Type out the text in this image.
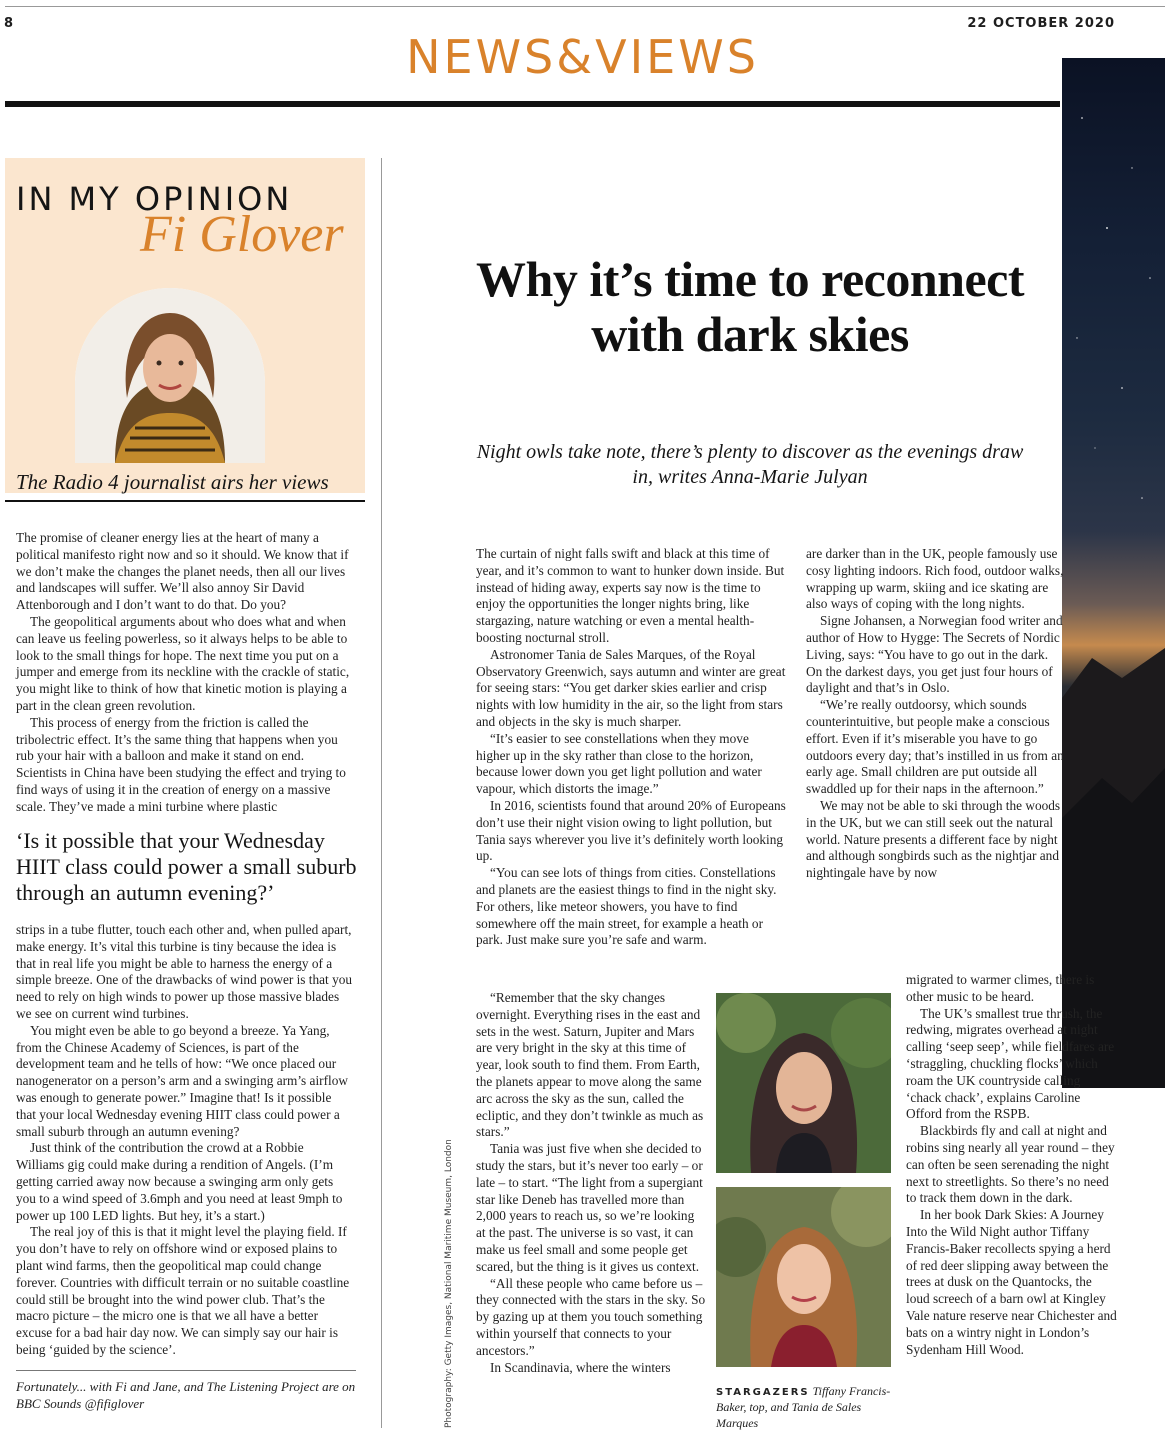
8	22 OCTOBER 2020
NEWS&VIEWS
IN MY OPINION
Fi Glover
The Radio 4 journalist airs her views

The promise of cleaner energy lies at the heart of many a political manifesto right now and so it should. We know that if we don’t make the changes the planet needs, then all our lives and landscapes will suffer. We’ll also annoy Sir David Attenborough and I don’t want to do that. Do you?

The geopolitical arguments about who does what and when can leave us feeling powerless, so it always helps to be able to look to the small things for hope. The next time you put on a jumper and emerge from its neckline with the crackle of static, you might like to think of how that kinetic motion is playing a part in the clean green revolution.

This process of energy from the friction is called the tribolectric effect. It’s the same thing that happens when you rub your hair with a balloon and make it stand on end. Scientists in China have been studying the effect and trying to find ways of using it in the creation of energy on a massive scale. They’ve made a mini turbine where plastic

‘Is it possible that your Wednesday HIIT class could power a small suburb through an autumn evening?’

strips in a tube flutter, touch each other and, when pulled apart, make energy. It’s vital this turbine is tiny because the idea is that in real life you might be able to harness the energy of a simple breeze. One of the drawbacks of wind power is that you need to rely on high winds to power up those massive blades we see on current wind turbines.

You might even be able to go beyond a breeze. Ya Yang, from the Chinese Academy of Sciences, is part of the development team and he tells of how: “We once placed our nanogenerator on a person’s arm and a swinging arm’s airflow was enough to generate power.” Imagine that! Is it possible that your local Wednesday evening HIIT class could power a small suburb through an autumn evening?

Just think of the contribution the crowd at a Robbie Williams gig could make during a rendition of Angels. (I’m getting carried away now because a swinging arm only gets you to a wind speed of 3.6mph and you need at least 9mph to power up 100 LED lights. But hey, it’s a start.)

The real joy of this is that it might level the playing field. If you don’t have to rely on offshore wind or exposed plains to plant wind farms, then the geopolitical map could change forever. Countries with difficult terrain or no suitable coastline could still be brought into the wind power club. That’s the macro picture – the micro one is that we all have a better excuse for a bad hair day now. We can simply say our hair is being ‘guided by the science’.

Fortunately... with Fi and Jane, and The Listening Project are on BBC Sounds @fifiglover
Why it’s time to reconnect with dark skies
Night owls take note, there’s plenty to discover as the evenings draw in, writes Anna-Marie Julyan

The curtain of night falls swift and black at this time of year, and it’s common to want to hunker down inside. But instead of hiding away, experts say now is the time to enjoy the opportunities the longer nights bring, like stargazing, nature watching or even a mental health-boosting nocturnal stroll.

Astronomer Tania de Sales Marques, of the Royal Observatory Greenwich, says autumn and winter are great for seeing stars: “You get darker skies earlier and crisp nights with low humidity in the air, so the light from stars and objects in the sky is much sharper.

“It’s easier to see constellations when they move higher up in the sky rather than close to the horizon, because lower down you get light pollution and water vapour, which distorts the image.”

In 2016, scientists found that around 20% of Europeans don’t use their night vision owing to light pollution, but Tania says wherever you live it’s definitely worth looking up.

“You can see lots of things from cities. Constellations and planets are the easiest things to find in the night sky. For others, like meteor showers, you have to find somewhere off the main street, for example a heath or park. Just make sure you’re safe and warm.

“Remember that the sky changes overnight. Everything rises in the east and sets in the west. Saturn, Jupiter and Mars are very bright in the sky at this time of year, look south to find them. From Earth, the planets appear to move along the same arc across the sky as the sun, called the ecliptic, and they don’t twinkle as much as stars.”

Tania was just five when she decided to study the stars, but it’s never too early – or late – to start. “The light from a supergiant star like Deneb has travelled more than 2,000 years to reach us, so we’re looking at the past. The universe is so vast, it can make us feel small and some people get scared, but the thing is it gives us context.

“All these people who came before us – they connected with the stars in the sky. So by gazing up at them you touch something within yourself that connects to your ancestors.”

In Scandinavia, where the winters

are darker than in the UK, people famously use cosy lighting indoors. Rich food, outdoor walks, wrapping up warm, skiing and ice skating are also ways of coping with the long nights.

Signe Johansen, a Norwegian food writer and author of How to Hygge: The Secrets of Nordic Living, says: “You have to go out in the dark. On the darkest days, you get just four hours of daylight and that’s in Oslo.

“We’re really outdoorsy, which sounds counterintuitive, but people make a conscious effort. Even if it’s miserable you have to go outdoors every day; that’s instilled in us from an early age. Small children are put outside all swaddled up for their naps in the afternoon.”

We may not be able to ski through the woods in the UK, but we can still seek out the natural world. Nature presents a different face by night and although songbirds such as the nightjar and nightingale have by now

migrated to warmer climes, there is other music to be heard.

The UK’s smallest true thrush, the redwing, migrates overhead at night calling ‘seep seep’, while fieldfares are ‘straggling, chuckling flocks’ which roam the UK countryside calling ‘chack chack’, explains Caroline Offord from the RSPB.

Blackbirds fly and call at night and robins sing nearly all year round – they can often be seen serenading the night next to streetlights. So there’s no need to track them down in the dark.

In her book Dark Skies: A Journey Into the Wild Night author Tiffany Francis-Baker recollects spying a herd of red deer slipping away between the trees at dusk on the Quantocks, the loud screech of a barn owl at Kingley Vale nature reserve near Chichester and bats on a wintry night in London’s Sydenham Hill Wood.

Photography: Getty Images, National Maritime Museum, London	STARGAZERS Tiffany Francis-Baker, top, and Tania de Sales Marques
